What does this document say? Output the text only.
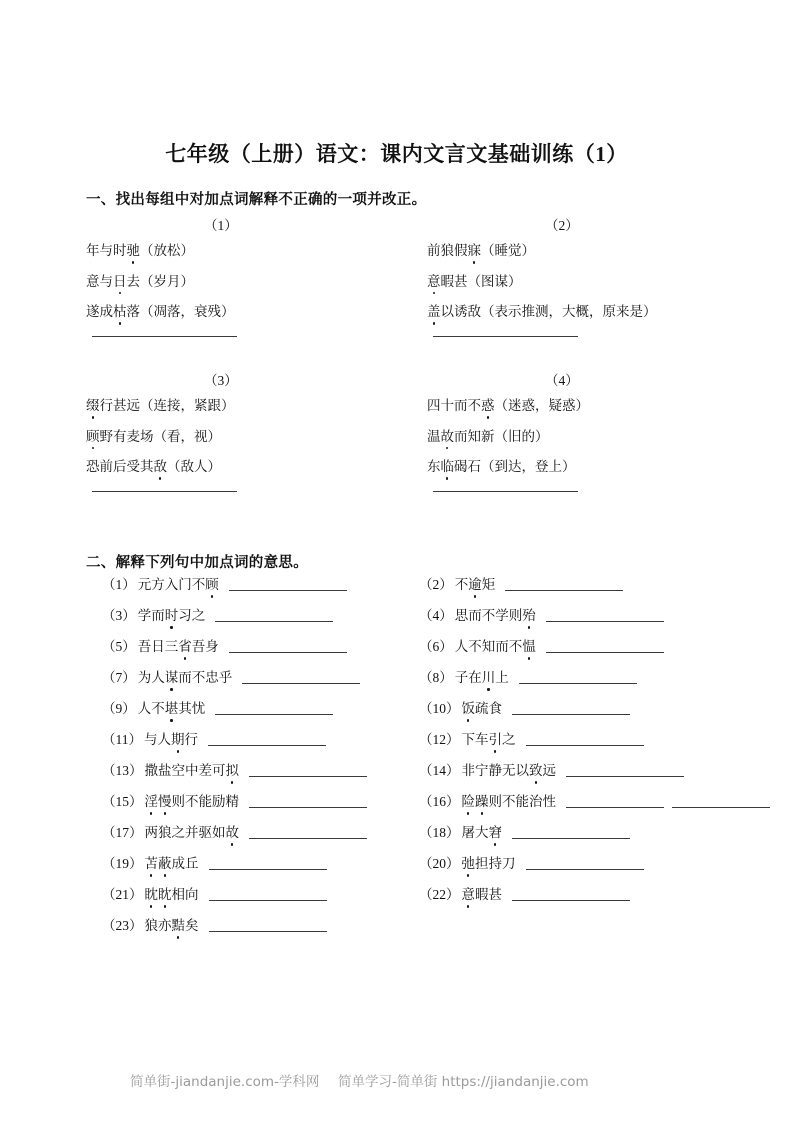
七年级（上册）语文：课内文言文基础训练（1）
一、找出每组中对加点词解释不正确的一项并改正。
（1）
年与时驰（放松）
意与日去（岁月）
遂成枯落（凋落，衰残）
（2）
前狼假寐（睡觉）
意暇甚（图谋）
盖以诱敌（表示推测，大概，原来是）
（3）
缀行甚远（连接，紧跟）
顾野有麦场（看，视）
恐前后受其敌（敌人）
（4）
四十而不惑（迷惑，疑惑）
温故而知新（旧的）
东临碣石（到达，登上）
二、解释下列句中加点词的意思。
（1） 元方入门不顾	（2） 不逾矩
（3） 学而时习之	（4） 思而不学则殆
（5） 吾日三省吾身	（6） 人不知而不愠
（7） 为人谋而不忠乎	（8） 子在川上
（9） 人不堪其忧	（10） 饭疏食
（11） 与人期行	（12） 下车引之
（13） 撒盐空中差可拟	（14） 非宁静无以致远
（15） 淫慢则不能励精	（16） 险躁则不能治性
（17） 两狼之并驱如故	（18） 屠大窘
（19） 苫蔽成丘	（20） 弛担持刀
（21） 眈眈相向	（22） 意暇甚
（23） 狼亦黠矣
简单街-jiandanjie.com-学科网 简单学习-简单街 https://jiandanjie.com
